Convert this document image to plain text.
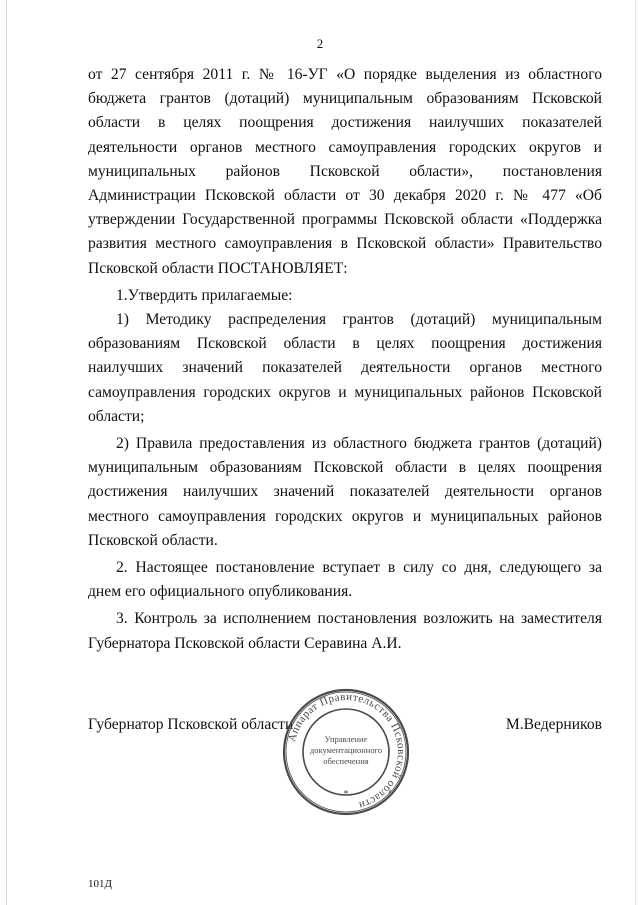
2

от 27 сентября 2011 г. № 16-УГ «О порядке выделения из областного бюджета грантов (дотаций) муниципальным образованиям Псковской области в целях поощрения достижения наилучших показателей деятельности органов местного самоуправления городских округов и муниципальных районов Псковской области», постановления Администрации Псковской области от 30 декабря 2020 г. № 477 «Об утверждении Государственной программы Псковской области «Поддержка развития местного самоуправления в Псковской области» Правительство Псковской области ПОСТАНОВЛЯЕТ:

1.Утвердить прилагаемые:

1) Методику распределения грантов (дотаций) муниципальным образованиям Псковской области в целях поощрения достижения наилучших значений показателей деятельности органов местного самоуправления городских округов и муниципальных районов Псковской области;

2) Правила предоставления из областного бюджета грантов (дотаций) муниципальным образованиям Псковской области в целях поощрения достижения наилучших значений показателей деятельности органов местного самоуправления городских округов и муниципальных районов Псковской области.

2. Настоящее постановление вступает в силу со дня, следующего за днем его официального опубликования.

3. Контроль за исполнением постановления возложить на заместителя Губернатора Псковской области Серавина А.И.

Губернатор Псковской области	М.Ведерников
Аппарат Правительства Псковской области
Управление
документационного
обеспечения
*
101Д
